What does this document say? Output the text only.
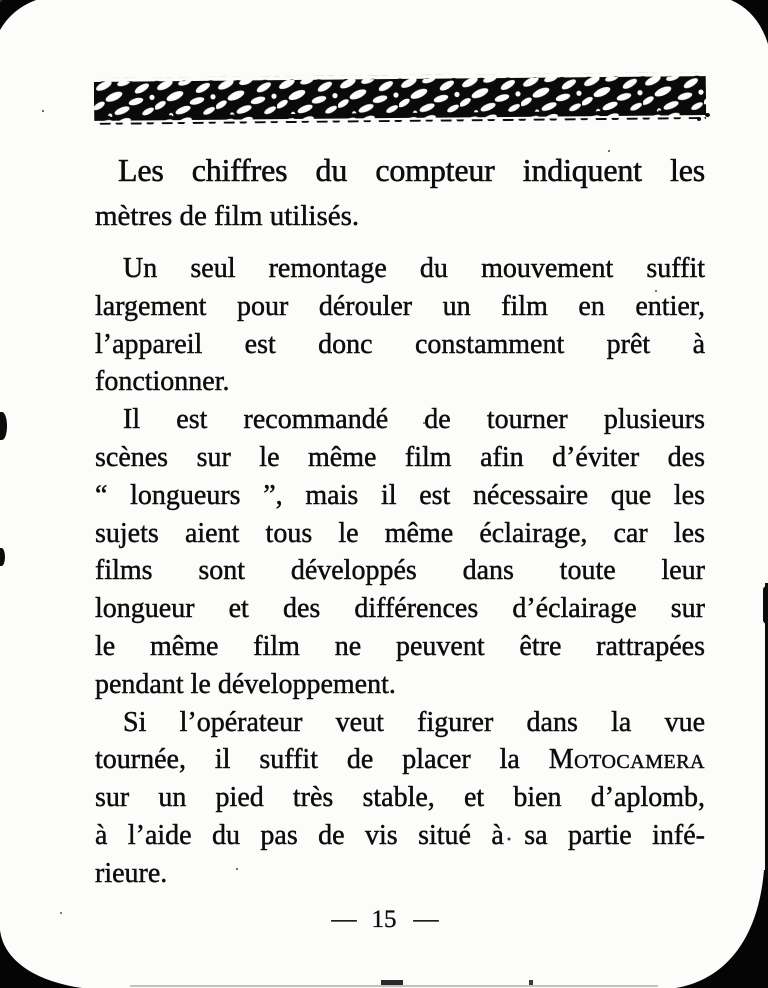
Les chiffres du compteur indiquent les
mètres de film utilisés.
Un seul remontage du mouvement suffit
largement pour dérouler un film en entier,
l’appareil est donc constamment prêt à
fonctionner.
Il est recommandé de tourner plusieurs
scènes sur le même film afin d’éviter des
“ longueurs ”, mais il est nécessaire que les
sujets aient tous le même éclairage, car les
films sont développés dans toute leur
longueur et des différences d’éclairage sur
le même film ne peuvent être rattrapées
pendant le développement.
Si l’opérateur veut figurer dans la vue
tournée, il suffit de placer la Motocamera
sur un pied très stable, et bien d’aplomb,
à l’aide du pas de vis situé à sa partie infé-
rieure.
— 15 —
